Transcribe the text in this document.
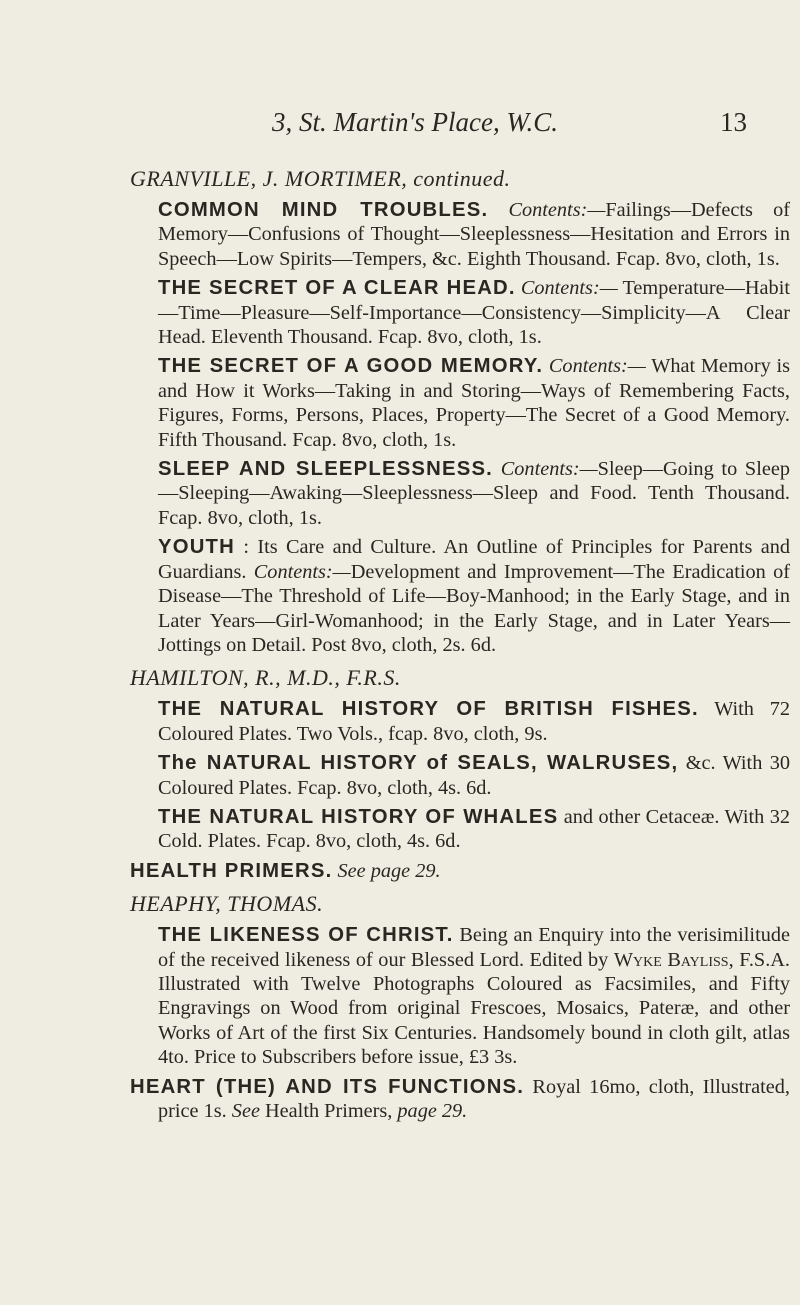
3, St. Martin's Place, W.C.	13
GRANVILLE, J. MORTIMER, continued.
COMMON MIND TROUBLES. Contents:—Failings—Defects of Memory—Confusions of Thought—Sleeplessness—Hesitation and Errors in Speech—Low Spirits—Tempers, &c. Eighth Thousand. Fcap. 8vo, cloth, 1s.
THE SECRET OF A CLEAR HEAD. Contents:— Temperature—Habit—Time—Pleasure—Self-Importance—Consistency—Simplicity—A Clear Head. Eleventh Thousand. Fcap. 8vo, cloth, 1s.
THE SECRET OF A GOOD MEMORY. Contents:— What Memory is and How it Works—Taking in and Storing—Ways of Remembering Facts, Figures, Forms, Persons, Places, Property—The Secret of a Good Memory. Fifth Thousand. Fcap. 8vo, cloth, 1s.
SLEEP AND SLEEPLESSNESS. Contents:—Sleep—Going to Sleep—Sleeping—Awaking—Sleeplessness—Sleep and Food. Tenth Thousand. Fcap. 8vo, cloth, 1s.
YOUTH : Its Care and Culture. An Outline of Principles for Parents and Guardians. Contents:—Development and Improvement—The Eradication of Disease—The Threshold of Life—Boy-Manhood; in the Early Stage, and in Later Years—Girl-Womanhood; in the Early Stage, and in Later Years—Jottings on Detail. Post 8vo, cloth, 2s. 6d.
HAMILTON, R., M.D., F.R.S.
THE NATURAL HISTORY OF BRITISH FISHES. With 72 Coloured Plates. Two Vols., fcap. 8vo, cloth, 9s.
The NATURAL HISTORY of SEALS, WALRUSES, &c. With 30 Coloured Plates. Fcap. 8vo, cloth, 4s. 6d.
THE NATURAL HISTORY OF WHALES and other Cetaceæ. With 32 Cold. Plates. Fcap. 8vo, cloth, 4s. 6d.
HEALTH PRIMERS. See page 29.
HEAPHY, THOMAS.
THE LIKENESS OF CHRIST. Being an Enquiry into the verisimilitude of the received likeness of our Blessed Lord. Edited by Wyke Bayliss, F.S.A. Illustrated with Twelve Photographs Coloured as Facsimiles, and Fifty Engravings on Wood from original Frescoes, Mosaics, Pateræ, and other Works of Art of the first Six Centuries. Handsomely bound in cloth gilt, atlas 4to. Price to Subscribers before issue, £3 3s.
HEART (THE) AND ITS FUNCTIONS. Royal 16mo, cloth, Illustrated, price 1s. See Health Primers, page 29.
